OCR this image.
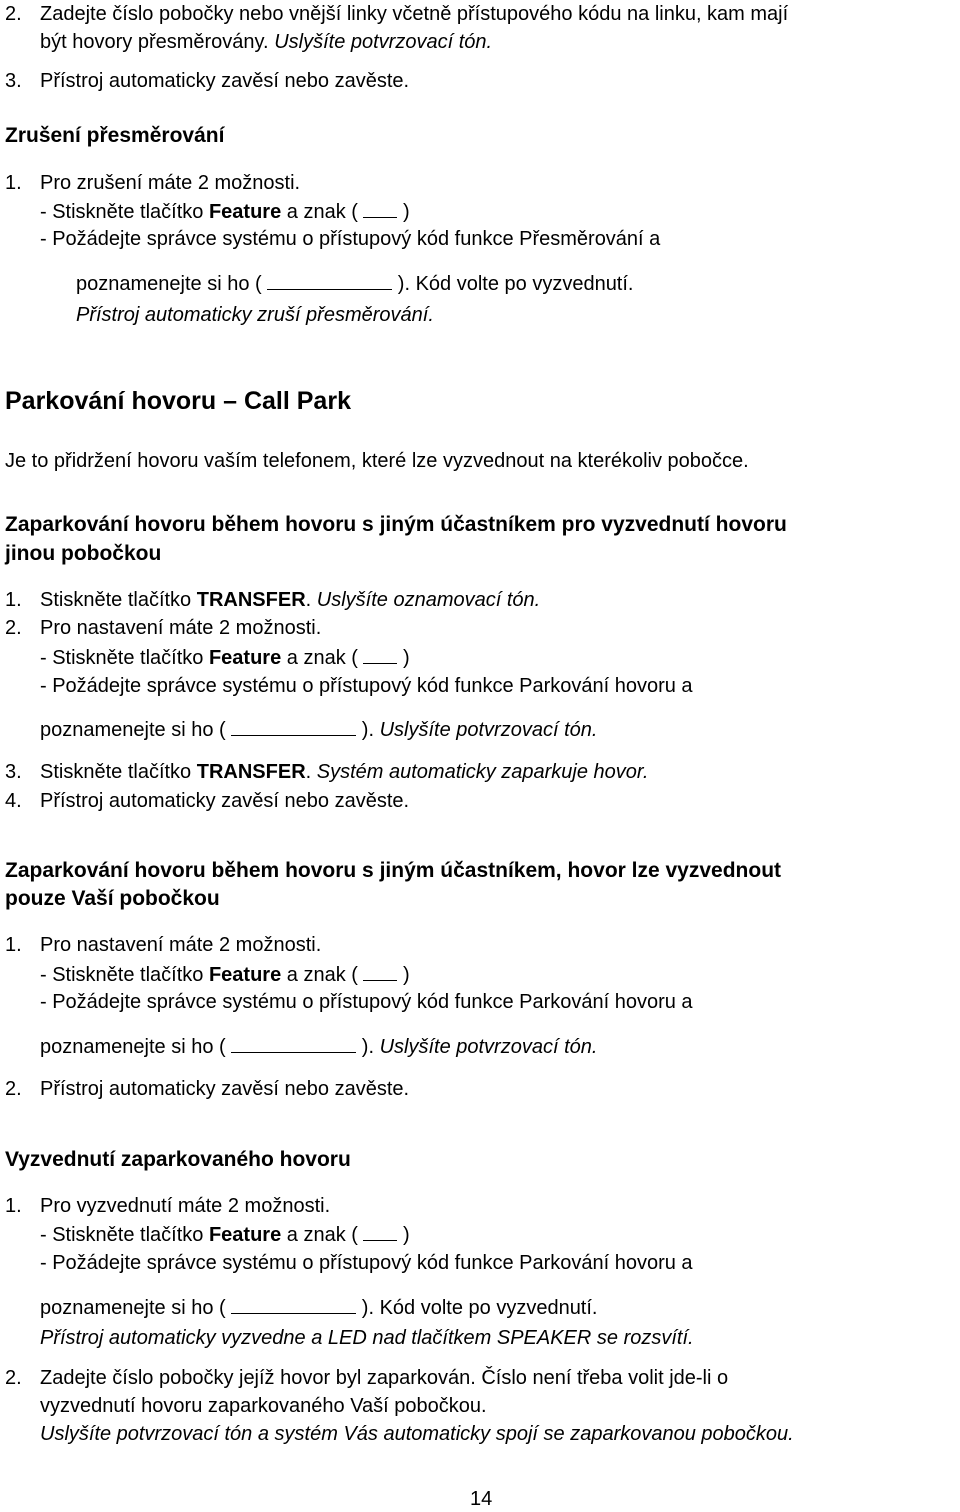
2. Zadejte číslo pobočky nebo vnější linky včetně přístupového kódu na linku, kam mají
být hovory přesměrovány. Uslyšíte potvrzovací tón.
3. Přístroj automaticky zavěsí nebo zavěste.
Zrušení přesměrování
1. Pro zrušení máte 2 možnosti.
- Stiskněte tlačítko Feature a znak ( )
- Požádejte správce systému o přístupový kód funkce Přesměrování a
poznamenejte si ho (	). Kód volte po vyzvednutí.
Přístroj automaticky zruší přesměrování.
Parkování hovoru – Call Park
Je to přidržení hovoru vaším telefonem, které lze vyzvednout na kterékoliv pobočce.
Zaparkování hovoru během hovoru s jiným účastníkem pro vyzvednutí hovoru
jinou pobočkou
1. Stiskněte tlačítko TRANSFER. Uslyšíte oznamovací tón.
2. Pro nastavení máte 2 možnosti.
- Stiskněte tlačítko Feature a znak ( )
- Požádejte správce systému o přístupový kód funkce Parkování hovoru a
poznamenejte si ho (	). Uslyšíte potvrzovací tón.
3. Stiskněte tlačítko TRANSFER. Systém automaticky zaparkuje hovor.
4. Přístroj automaticky zavěsí nebo zavěste.
Zaparkování hovoru během hovoru s jiným účastníkem, hovor lze vyzvednout
pouze Vaší pobočkou
1. Pro nastavení máte 2 možnosti.
- Stiskněte tlačítko Feature a znak ( )
- Požádejte správce systému o přístupový kód funkce Parkování hovoru a
poznamenejte si ho (	). Uslyšíte potvrzovací tón.
2. Přístroj automaticky zavěsí nebo zavěste.
Vyzvednutí zaparkovaného hovoru
1. Pro vyzvednutí máte 2 možnosti.
- Stiskněte tlačítko Feature a znak ( )
- Požádejte správce systému o přístupový kód funkce Parkování hovoru a
poznamenejte si ho (	). Kód volte po vyzvednutí.
Přístroj automaticky vyzvedne a LED nad tlačítkem SPEAKER se rozsvítí.
2. Zadejte číslo pobočky jejíž hovor byl zaparkován. Číslo není třeba volit jde-li o
vyzvednutí hovoru zaparkovaného Vaší pobočkou.
Uslyšíte potvrzovací tón a systém Vás automaticky spojí se zaparkovanou pobočkou.
14
